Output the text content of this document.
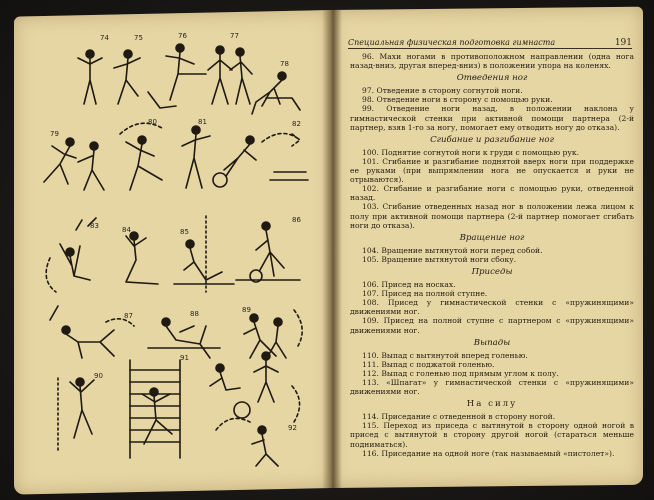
74	75	76	77
78
79
80	81	82
83	84	85
86
87	88	89
90
91
92
Специальная физическая подготовка гимнаста	191

96. Махи ногами в противоположном направлении (одна нога назад-вниз, другая вперед-вниз) в положении упора на коленях.

Отведения ног

97. Отведение в сторону согнутой ноги.

98. Отведение ноги в сторону с помощью руки.

99. Отведение ноги назад, в положении наклона у гимнастической стенки при активной помощи партнера (2-й партнер, взяв 1-го за ногу, помогает ему отводить ногу до отказа).

Сгибание и разгибание ног

100. Поднятие согнутой ноги к груди с помощью рук.

101. Сгибание и разгибание поднятой вверх ноги при поддержке ее руками (при выпрямлении нога не опускается и руки не отрываются).

102. Сгибание и разгибание ноги с помощью руки, отведенной назад.

103. Сгибание отведенных назад ног в положении лежа лицом к полу при активной помощи партнера (2-й партнер помогает сгибать ноги до отказа).

Вращение ног

104. Вращение вытянутой ноги перед собой.

105. Вращение вытянутой ноги сбоку.

Приседы

106. Присед на носках.

107. Присед на полной ступне.

108. Присед у гимнастической стенки с «пружинящими» движениями ног.

109. Присед на полной ступне с партнером с «пружинящими» движениями ног.

Выпады

110. Выпад с вытянутой вперед голенью.

111. Выпад с поджатой голенью.

112. Выпад с голенью под прямым углом к полу.

113. «Шпагат» у гимнастической стенки с «пружинящими» движениями ног.

На силу

114. Приседание с отведенной в сторону ногой.

115. Переход из приседа с вытянутой в сторону одной ногой в присед с вытянутой в сторону другой ногой (стараться меньше подниматься).

116. Приседание на одной ноге (так называемый «пистолет»).
